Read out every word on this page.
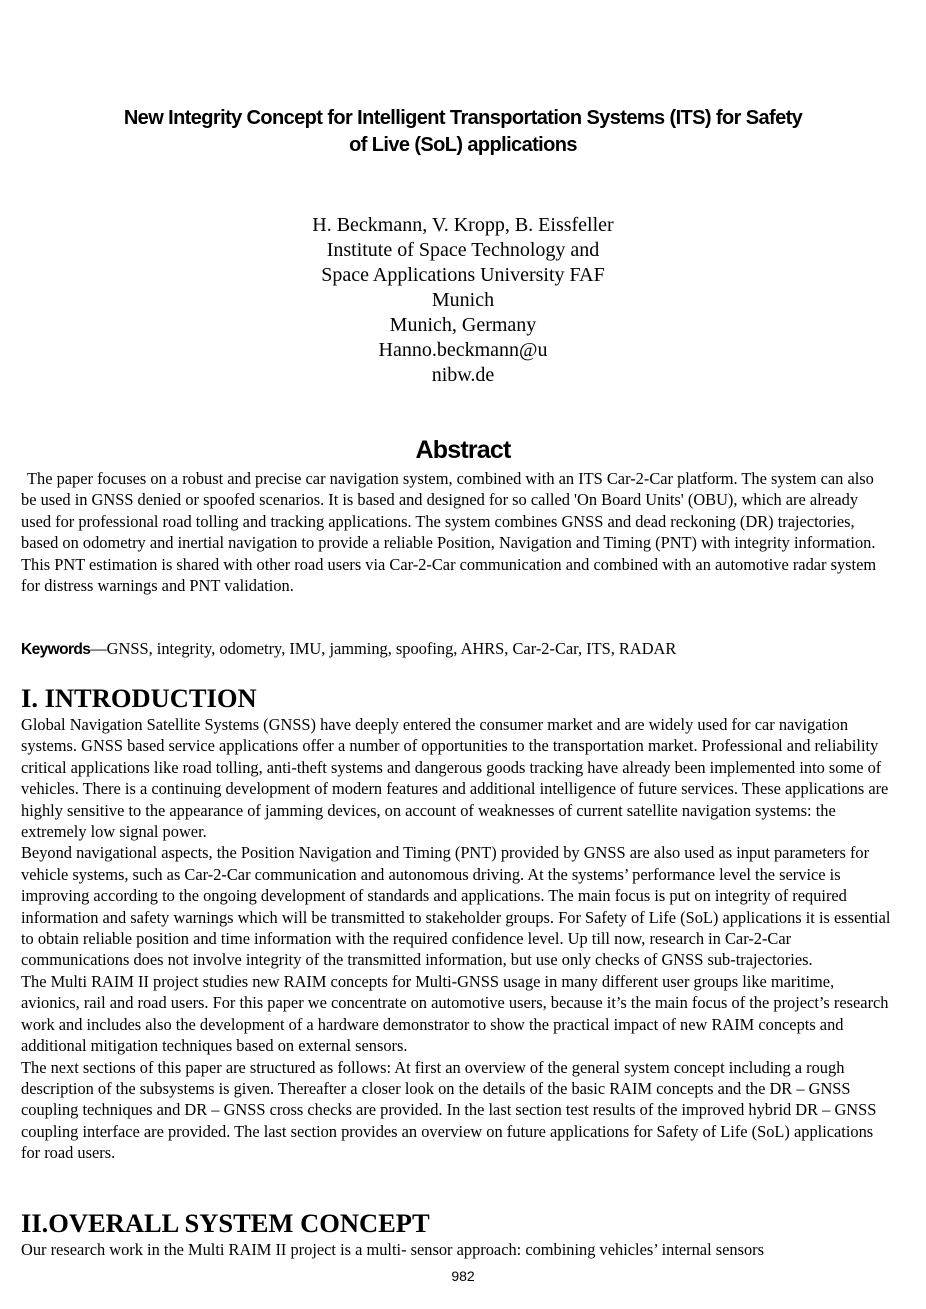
New Integrity Concept for Intelligent Transportation Systems (ITS) for Safety
of Live (SoL) applications
H. Beckmann, V. Kropp, B. Eissfeller
Institute of Space Technology and
Space Applications University FAF
Munich
Munich, Germany
Hanno.beckmann@u
nibw.de
Abstract

The paper focuses on a robust and precise car navigation system, combined with an ITS Car-2-Car platform. The system can also be used in GNSS denied or spoofed scenarios. It is based and designed for so called 'On Board Units' (OBU), which are already used for professional road tolling and tracking applications. The system combines GNSS and dead reckoning (DR) trajectories, based on odometry and inertial navigation to provide a reliable Position, Navigation and Timing (PNT) with integrity information. This PNT estimation is shared with other road users via Car-2-Car communication and combined with an automotive radar system for distress warnings and PNT validation.

Keywords—GNSS, integrity, odometry, IMU, jamming, spoofing, AHRS, Car-2-Car, ITS, RADAR

I. INTRODUCTION

Global Navigation Satellite Systems (GNSS) have deeply entered the consumer market and are widely used for car navigation systems. GNSS based service applications offer a number of opportunities to the transportation market. Professional and reliability critical applications like road tolling, anti-theft systems and dangerous goods tracking have already been implemented into some of vehicles. There is a continuing development of modern features and additional intelligence of future services. These applications are highly sensitive to the appearance of jamming devices, on account of weaknesses of current satellite navigation systems: the extremely low signal power.

Beyond navigational aspects, the Position Navigation and Timing (PNT) provided by GNSS are also used as input parameters for vehicle systems, such as Car-2-Car communication and autonomous driving. At the systems’ performance level the service is improving according to the ongoing development of standards and applications. The main focus is put on integrity of required information and safety warnings which will be transmitted to stakeholder groups. For Safety of Life (SoL) applications it is essential to obtain reliable position and time information with the required confidence level. Up till now, research in Car-2-Car communications does not involve integrity of the transmitted information, but use only checks of GNSS sub-trajectories.

The Multi RAIM II project studies new RAIM concepts for Multi-GNSS usage in many different user groups like maritime, avionics, rail and road users. For this paper we concentrate on automotive users, because it’s the main focus of the project’s research work and includes also the development of a hardware demonstrator to show the practical impact of new RAIM concepts and additional mitigation techniques based on external sensors.

The next sections of this paper are structured as follows: At first an overview of the general system concept including a rough description of the subsystems is given. Thereafter a closer look on the details of the basic RAIM concepts and the DR – GNSS coupling techniques and DR – GNSS cross checks are provided. In the last section test results of the improved hybrid DR – GNSS coupling interface are provided. The last section provides an overview on future applications for Safety of Life (SoL) applications for road users.

II.OVERALL SYSTEM CONCEPT

Our research work in the Multi RAIM II project is a multi- sensor approach: combining vehicles’ internal sensors

982
